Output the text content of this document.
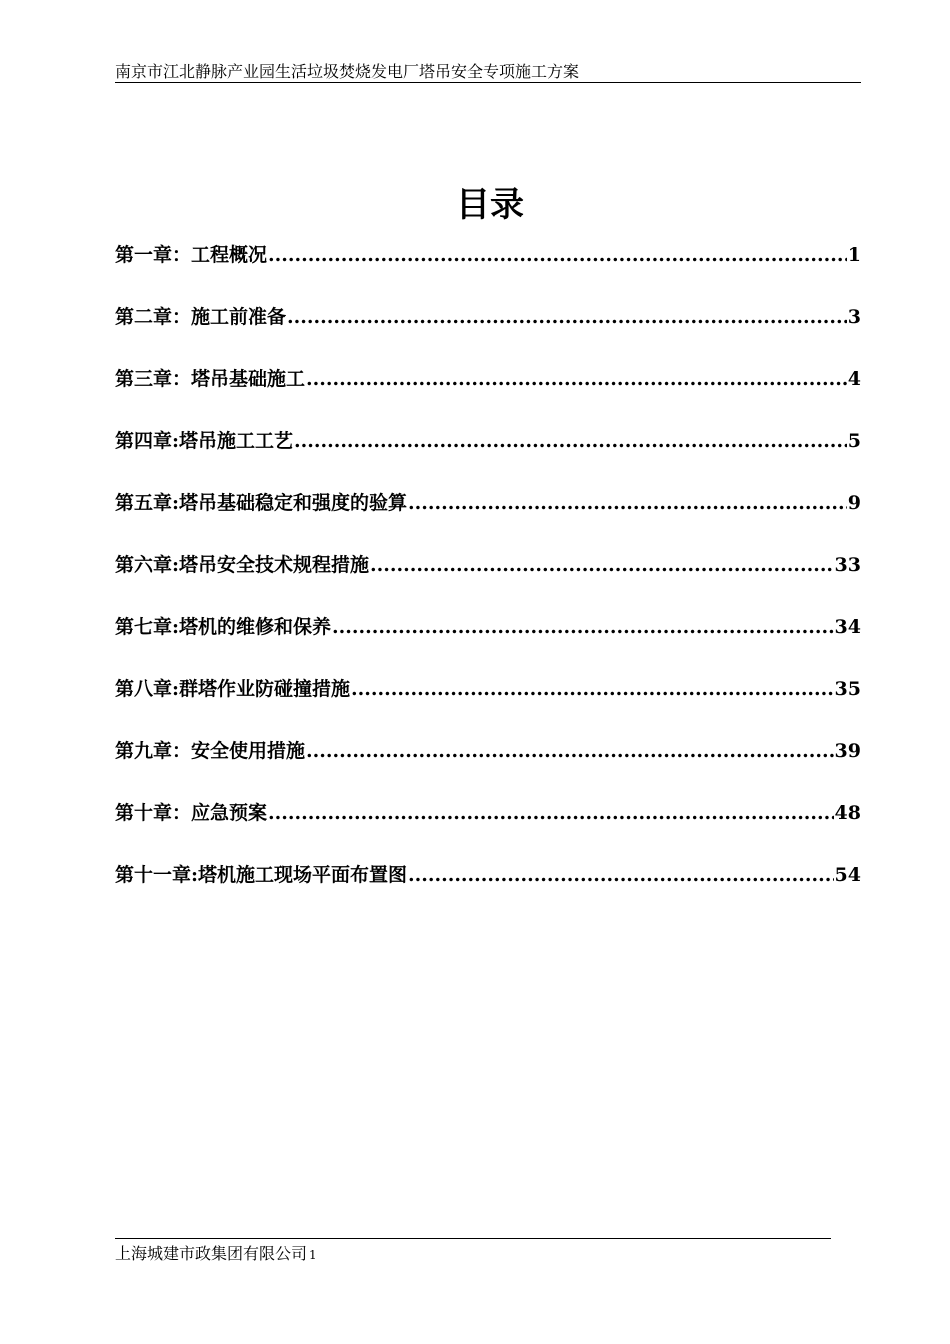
南京市江北静脉产业园生活垃圾焚烧发电厂塔吊安全专项施工方案
目录
第一章：工程概况 .....	1
第二章：施工前准备 .....	3
第三章：塔吊基础施工 .....	4
第四章:塔吊施工工艺 .....	5
第五章:塔吊基础稳定和强度的验算 .....	9
第六章:塔吊安全技术规程措施 .....	33
第七章:塔机的维修和保养 .....	34
第八章:群塔作业防碰撞措施 .....	35
第九章：安全使用措施 .....	39
第十章：应急预案 .....	48
第十一章:塔机施工现场平面布置图 .....	54
上海城建市政集团有限公司 1
